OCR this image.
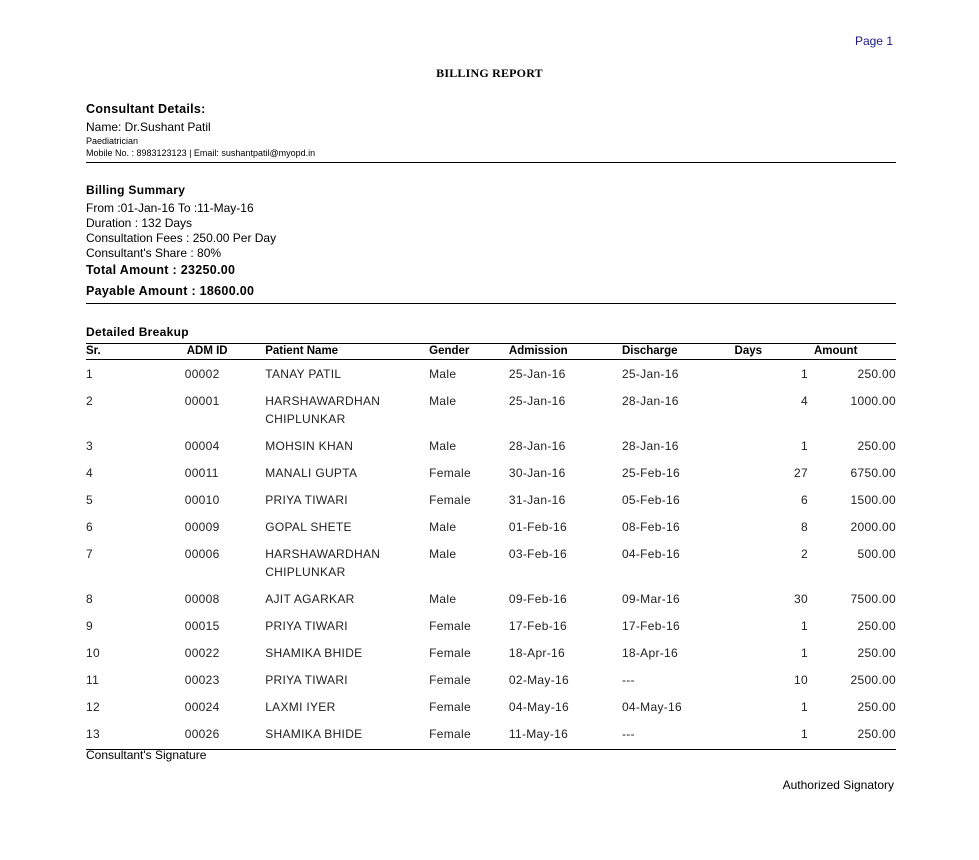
Page 1
BILLING REPORT
Consultant Details:
Name: Dr.Sushant Patil
Paediatrician
Mobile No. : 8983123123 | Email: sushantpatil@myopd.in
Billing Summary
From :01-Jan-16 To :11-May-16
Duration : 132 Days
Consultation Fees : 250.00 Per Day
Consultant's Share : 80%
Total Amount : 23250.00
Payable Amount : 18600.00
Detailed Breakup
Sr.	ADM ID	Patient Name	Gender	Admission	Discharge	Days	Amount
1	00002	TANAY PATIL	Male	25-Jan-16	25-Jan-16	1	250.00
2	00001	HARSHAWARDHAN CHIPLUNKAR	Male	25-Jan-16	28-Jan-16	4	1000.00
3	00004	MOHSIN KHAN	Male	28-Jan-16	28-Jan-16	1	250.00
4	00011	MANALI GUPTA	Female	30-Jan-16	25-Feb-16	27	6750.00
5	00010	PRIYA TIWARI	Female	31-Jan-16	05-Feb-16	6	1500.00
6	00009	GOPAL SHETE	Male	01-Feb-16	08-Feb-16	8	2000.00
7	00006	HARSHAWARDHAN CHIPLUNKAR	Male	03-Feb-16	04-Feb-16	2	500.00
8	00008	AJIT AGARKAR	Male	09-Feb-16	09-Mar-16	30	7500.00
9	00015	PRIYA TIWARI	Female	17-Feb-16	17-Feb-16	1	250.00
10	00022	SHAMIKA BHIDE	Female	18-Apr-16	18-Apr-16	1	250.00
11	00023	PRIYA TIWARI	Female	02-May-16	---	10	2500.00
12	00024	LAXMI IYER	Female	04-May-16	04-May-16	1	250.00
13	00026	SHAMIKA BHIDE	Female	11-May-16	---	1	250.00
Consultant's Signature
Authorized Signatory
